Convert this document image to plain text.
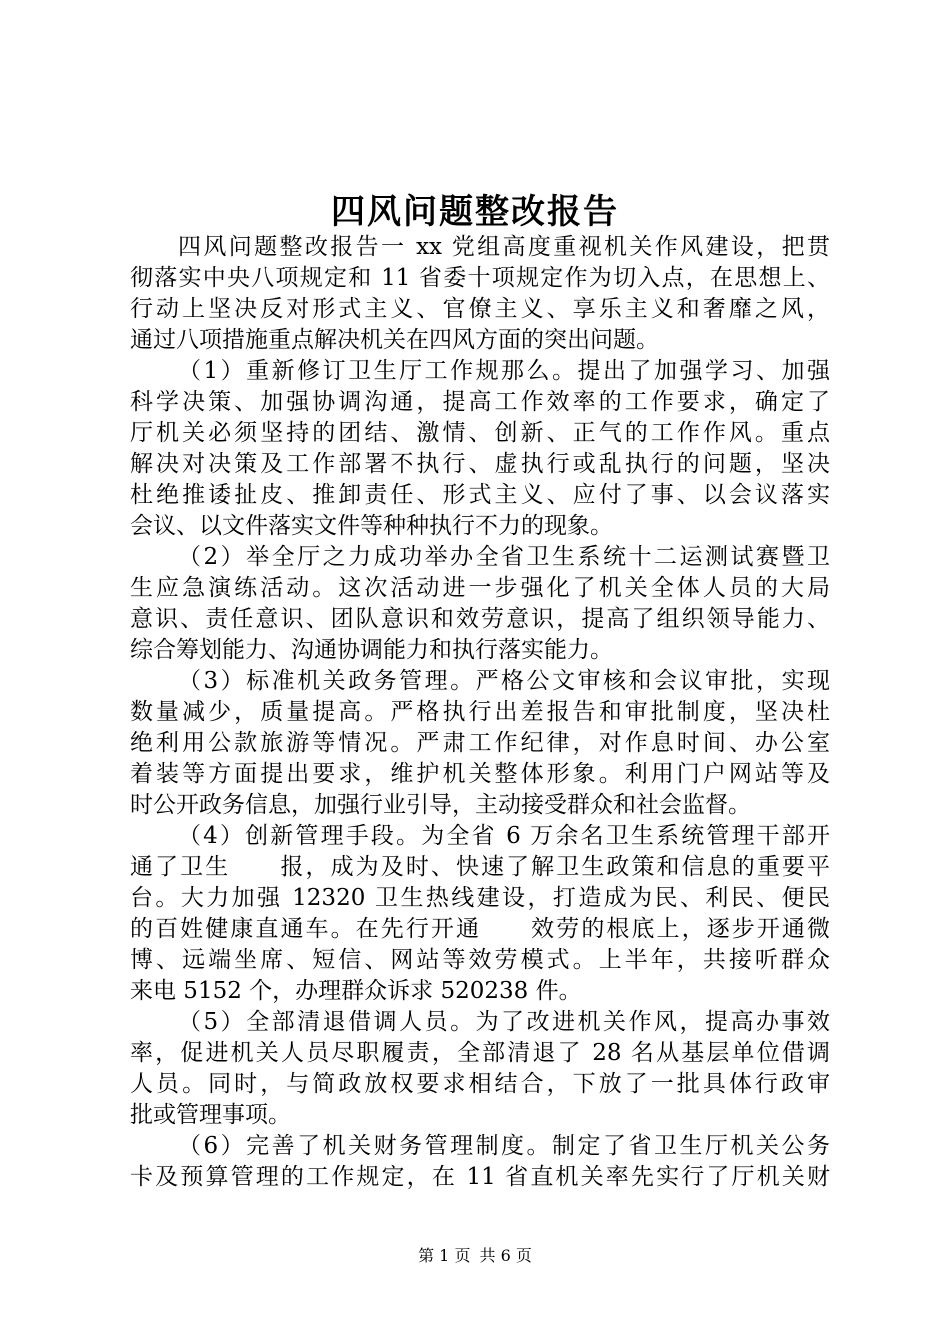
四风问题整改报告
四风问题整改报告一 xx 党组高度重视机关作风建设，把贯
彻落实中央八项规定和 11 省委十项规定作为切入点，在思想上、
行动上坚决反对形式主义、官僚主义、享乐主义和奢靡之风，
通过八项措施重点解决机关在四风方面的突出问题。
（1）重新修订卫生厅工作规那么。提出了加强学习、加强
科学决策、加强协调沟通，提高工作效率的工作要求，确定了
厅机关必须坚持的团结、激情、创新、正气的工作作风。重点
解决对决策及工作部署不执行、虚执行或乱执行的问题，坚决
杜绝推诿扯皮、推卸责任、形式主义、应付了事、以会议落实
会议、以文件落实文件等种种执行不力的现象。
（2）举全厅之力成功举办全省卫生系统十二运测试赛暨卫
生应急演练活动。这次活动进一步强化了机关全体人员的大局
意识、责任意识、团队意识和效劳意识，提高了组织领导能力、
综合筹划能力、沟通协调能力和执行落实能力。
（3）标准机关政务管理。严格公文审核和会议审批，实现
数量减少，质量提高。严格执行出差报告和审批制度，坚决杜
绝利用公款旅游等情况。严肃工作纪律，对作息时间、办公室
着装等方面提出要求，维护机关整体形象。利用门户网站等及
时公开政务信息，加强行业引导，主动接受群众和社会监督。
（4）创新管理手段。为全省 6 万余名卫生系统管理干部开
通了卫生　　报，成为及时、快速了解卫生政策和信息的重要平
台。大力加强 12320 卫生热线建设，打造成为民、利民、便民
的百姓健康直通车。在先行开通　　效劳的根底上，逐步开通微
博、远端坐席、短信、网站等效劳模式。上半年，共接听群众
来电 5152 个，办理群众诉求 520238 件。
（5）全部清退借调人员。为了改进机关作风，提高办事效
率，促进机关人员尽职履责，全部清退了 28 名从基层单位借调
人员。同时，与简政放权要求相结合，下放了一批具体行政审
批或管理事项。
（6）完善了机关财务管理制度。制定了省卫生厅机关公务
卡及预算管理的工作规定，在 11 省直机关率先实行了厅机关财
第 1 页 共 6 页
